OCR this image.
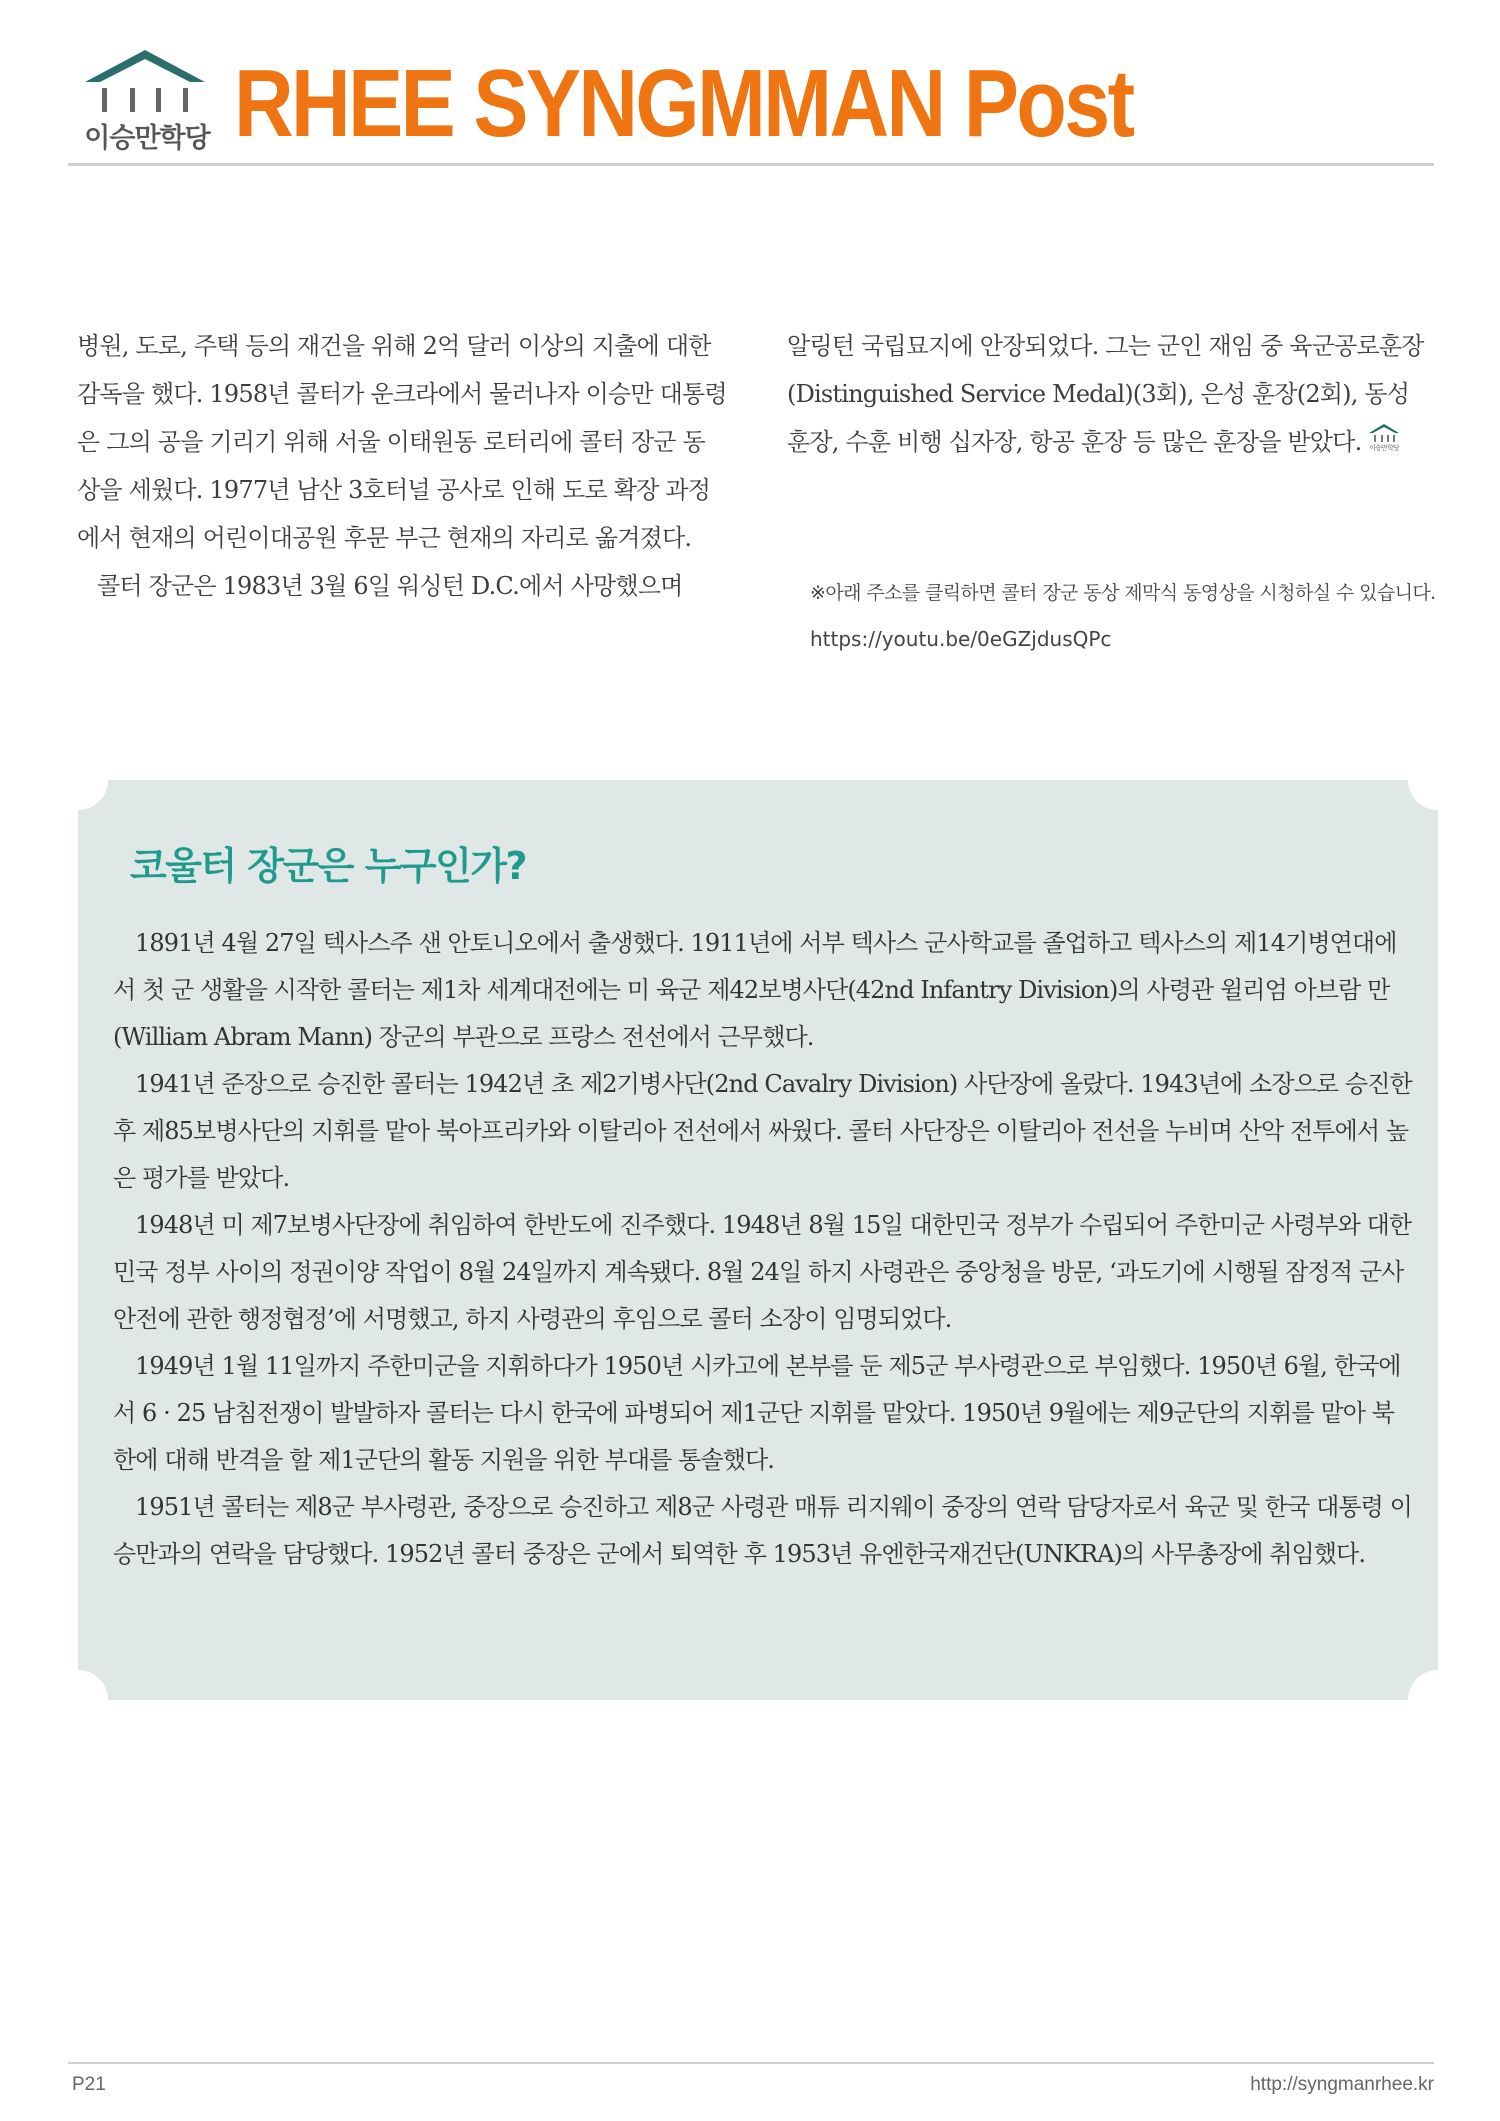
이승만학당 RHEE SYNGMMAN Post

병원, 도로, 주택 등의 재건을 위해 2억 달러 이상의 지출에 대한 감독을 했다. 1958년 콜터가 운크라에서 물러나자 이승만 대통령은 그의 공을 기리기 위해 서울 이태원동 로터리에 콜터 장군 동상을 세웠다. 1977년 남산 3호터널 공사로 인해 도로 확장 과정에서 현재의 어린이대공원 후문 부근 현재의 자리로 옮겨졌다.

콜터 장군은 1983년 3월 6일 워싱턴 D.C.에서 사망했으며

알링턴 국립묘지에 안장되었다. 그는 군인 재임 중 육군공로훈장(Distinguished Service Medal)(3회), 은성 훈장(2회), 동성 훈장, 수훈 비행 십자장, 항공 훈장 등 많은 훈장을 받았다. 이승만학당

※아래 주소를 클릭하면 콜터 장군 동상 제막식 동영상을 시청하실 수 있습니다.
https://youtu.be/0eGZjdusQPc
코울터 장군은 누구인가?

1891년 4월 27일 텍사스주 샌 안토니오에서 출생했다. 1911년에 서부 텍사스 군사학교를 졸업하고 텍사스의 제14기병연대에서 첫 군 생활을 시작한 콜터는 제1차 세계대전에는 미 육군 제42보병사단(42nd Infantry Division)의 사령관 윌리엄 아브람 만(William Abram Mann) 장군의 부관으로 프랑스 전선에서 근무했다.

1941년 준장으로 승진한 콜터는 1942년 초 제2기병사단(2nd Cavalry Division) 사단장에 올랐다. 1943년에 소장으로 승진한 후 제85보병사단의 지휘를 맡아 북아프리카와 이탈리아 전선에서 싸웠다. 콜터 사단장은 이탈리아 전선을 누비며 산악 전투에서 높은 평가를 받았다.

1948년 미 제7보병사단장에 취임하여 한반도에 진주했다. 1948년 8월 15일 대한민국 정부가 수립되어 주한미군 사령부와 대한민국 정부 사이의 정권이양 작업이 8월 24일까지 계속됐다. 8월 24일 하지 사령관은 중앙청을 방문, ‘과도기에 시행될 잠정적 군사안전에 관한 행정협정’에 서명했고, 하지 사령관의 후임으로 콜터 소장이 임명되었다.

1949년 1월 11일까지 주한미군을 지휘하다가 1950년 시카고에 본부를 둔 제5군 부사령관으로 부임했다. 1950년 6월, 한국에서 6 · 25 남침전쟁이 발발하자 콜터는 다시 한국에 파병되어 제1군단 지휘를 맡았다. 1950년 9월에는 제9군단의 지휘를 맡아 북한에 대해 반격을 할 제1군단의 활동 지원을 위한 부대를 통솔했다.

1951년 콜터는 제8군 부사령관, 중장으로 승진하고 제8군 사령관 매튜 리지웨이 중장의 연락 담당자로서 육군 및 한국 대통령 이승만과의 연락을 담당했다. 1952년 콜터 중장은 군에서 퇴역한 후 1953년 유엔한국재건단(UNKRA)의 사무총장에 취임했다.

P21	http://syngmanrhee.kr
